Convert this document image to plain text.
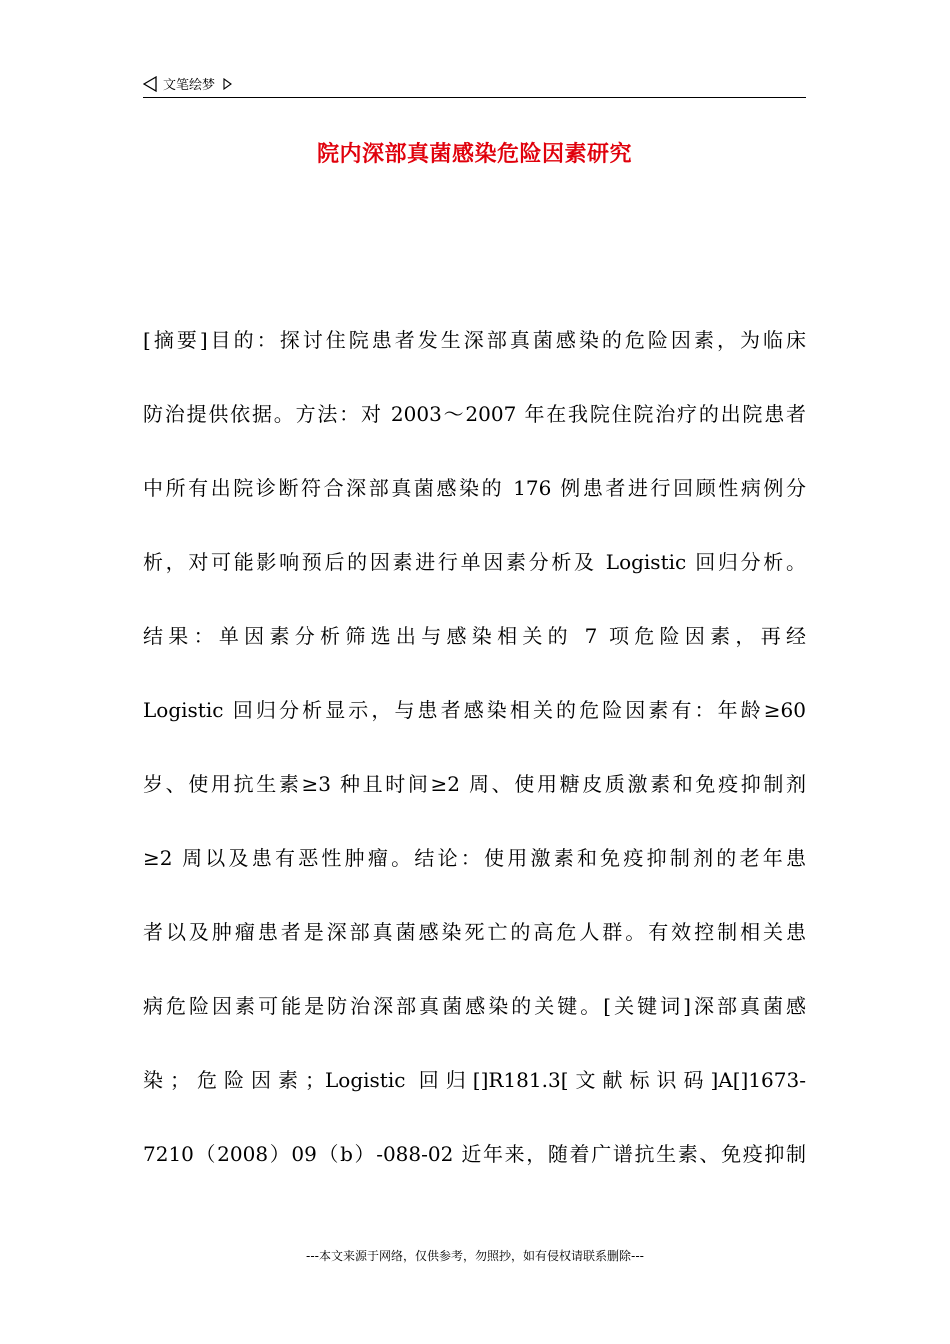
文笔绘梦
院内深部真菌感染危险因素研究
[摘要]目的：探讨住院患者发生深部真菌感染的危险因素，为临床
防治提供依据。方法：对 2003～2007 年在我院住院治疗的出院患者
中所有出院诊断符合深部真菌感染的 176 例患者进行回顾性病例分
析，对可能影响预后的因素进行单因素分析及 Logistic 回归分析。
结果：单因素分析筛选出与感染相关的 7 项危险因素，再经
Logistic 回归分析显示，与患者感染相关的危险因素有：年龄≥60
岁、使用抗生素≥3 种且时间≥2 周、使用糖皮质激素和免疫抑制剂
≥2 周以及患有恶性肿瘤。结论：使用激素和免疫抑制剂的老年患
者以及肿瘤患者是深部真菌感染死亡的高危人群。有效控制相关患
病危险因素可能是防治深部真菌感染的关键。[关键词]深部真菌感
染；危险因素；Logistic 回归[]R181.3[文献标识码]A[]1673-
7210（2008）09（b）-088-02 近年来，随着广谱抗生素、免疫抑制
---本文来源于网络，仅供参考，勿照抄，如有侵权请联系删除---
